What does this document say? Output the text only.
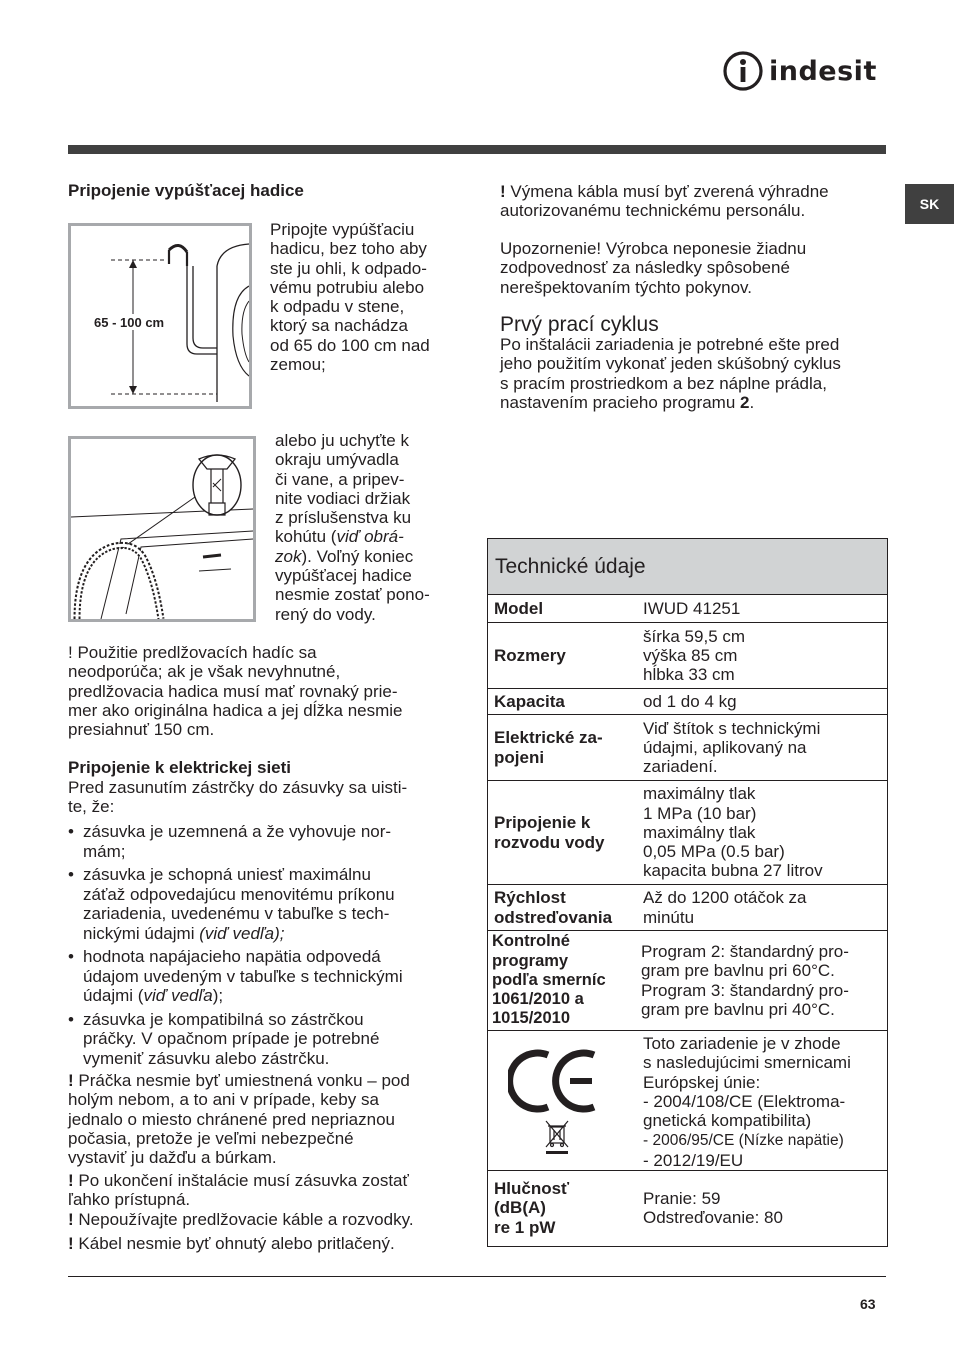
indesit
SK
Pripojenie vypúšťacej hadice
65 - 100 cm
Pripojte vypúšťaciu
hadicu, bez toho aby
ste ju ohli, k odpado-
vému potrubiu alebo
k odpadu v stene,
ktorý sa nachádza
od 65 do 100 cm nad
zemou;
alebo ju uchyťte k
okraju umývadla
či vane, a pripev-
nite vodiaci držiak
z príslušenstva ku
kohútu (viď obrá-
zok). Voľný koniec
vypúšťacej hadice
nesmie zostať pono-
rený do vody.
! Použitie predlžovacích hadíc sa
neodporúča; ak je však nevyhnutné,
predlžovacia hadica musí mať rovnaký prie-
mer ako originálna hadica a jej dĺžka nesmie
presiahnuť 150 cm.
Pripojenie k elektrickej sieti
Pred zasunutím zástrčky do zásuvky sa uisti-
te, že:
• zásuvka je uzemnená a že vyhovuje nor-
mám;
• zásuvka je schopná uniesť maximálnu
záťaž odpovedajúcu menovitému príkonu
zariadenia, uvedenému v tabuľke s tech-
nickými údajmi (viď vedľa);
• hodnota napájacieho napätia odpovedá
údajom uvedeným v tabuľke s technickými
údajmi (viď vedľa);
• zásuvka je kompatibilná so zástrčkou
práčky. V opačnom prípade je potrebné
vymeniť zásuvku alebo zástrčku.
! Práčka nesmie byť umiestnená vonku – pod
holým nebom, a to ani v prípade, keby sa
jednalo o miesto chránené pred nepriaznou
počasia, pretože je veľmi nebezpečné
vystaviť ju dažďu a búrkam.
! Po ukončení inštalácie musí zásuvka zostať
ľahko prístupná.
! Nepoužívajte predlžovacie káble a rozvodky.
! Kábel nesmie byť ohnutý alebo pritlačený.
! Výmena kábla musí byť zverená výhradne
autorizovanému technickému personálu.
Upozornenie! Výrobca neponesie žiadnu
zodpovednosť za následky spôsobené
nerešpektovaním týchto pokynov.
Prvý prací cyklus
Po inštalácii zariadenia je potrebné ešte pred
jeho použitím vykonať jeden skúšobný cyklus
s pracím prostriedkom a bez náplne prádla,
nastavením pracieho programu 2.
Technické údaje
Model	IWUD 41251
Rozmery
šírka 59,5 cm
výška 85 cm
hĺbka 33 cm
Kapacita	od 1 do 4 kg
Elektrické za-
pojeni
Viď štítok s technickými
údajmi, aplikovaný na
zariadení.
Pripojenie k
rozvodu vody
maximálny tlak
1 MPa (10 bar)
maximálny tlak
0,05 MPa (0.5 bar)
kapacita bubna 27 litrov
Rýchlost
odstreďovania
Až do 1200 otáčok za
minútu
Kontrolné
programy
podľa smerníc
1061/2010 a
1015/2010
Program 2: štandardný pro-
gram pre bavlnu pri 60°C.
Program 3: štandardný pro-
gram pre bavlnu pri 40°C.
Toto zariadenie je v zhode
s nasledujúcimi smernicami
Európskej únie:
- 2004/108/CE (Elektroma-
gnetická kompatibilita)
- 2006/95/CE (Nízke napätie)
- 2012/19/EU
Hlučnosť
(dB(A)
re 1 pW
Pranie: 59
Odstreďovanie: 80
63
